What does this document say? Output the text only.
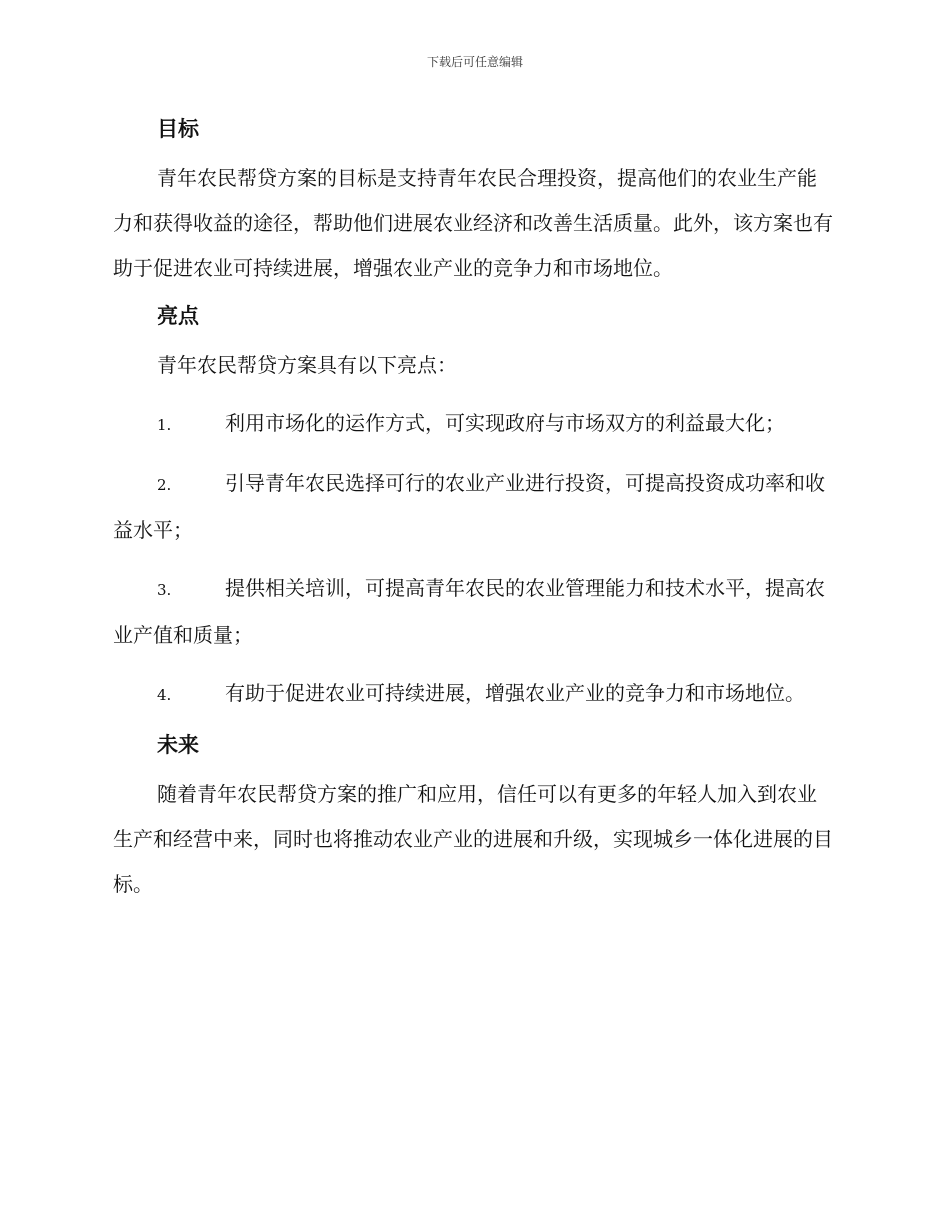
下载后可任意编辑
目标

青年农民帮贷方案的目标是支持青年农民合理投资，提高他们的农业生产能力和获得收益的途径，帮助他们进展农业经济和改善生活质量。此外，该方案也有助于促进农业可持续进展，增强农业产业的竞争力和市场地位。

亮点

青年农民帮贷方案具有以下亮点：

1.	利用市场化的运作方式，可实现政府与市场双方的利益最大化；
2.	引导青年农民选择可行的农业产业进行投资，可提高投资成功率和收益水平；
3.	提供相关培训，可提高青年农民的农业管理能力和技术水平，提高农业产值和质量；
4.	有助于促进农业可持续进展，增强农业产业的竞争力和市场地位。
未来

随着青年农民帮贷方案的推广和应用，信任可以有更多的年轻人加入到农业生产和经营中来，同时也将推动农业产业的进展和升级，实现城乡一体化进展的目标。
